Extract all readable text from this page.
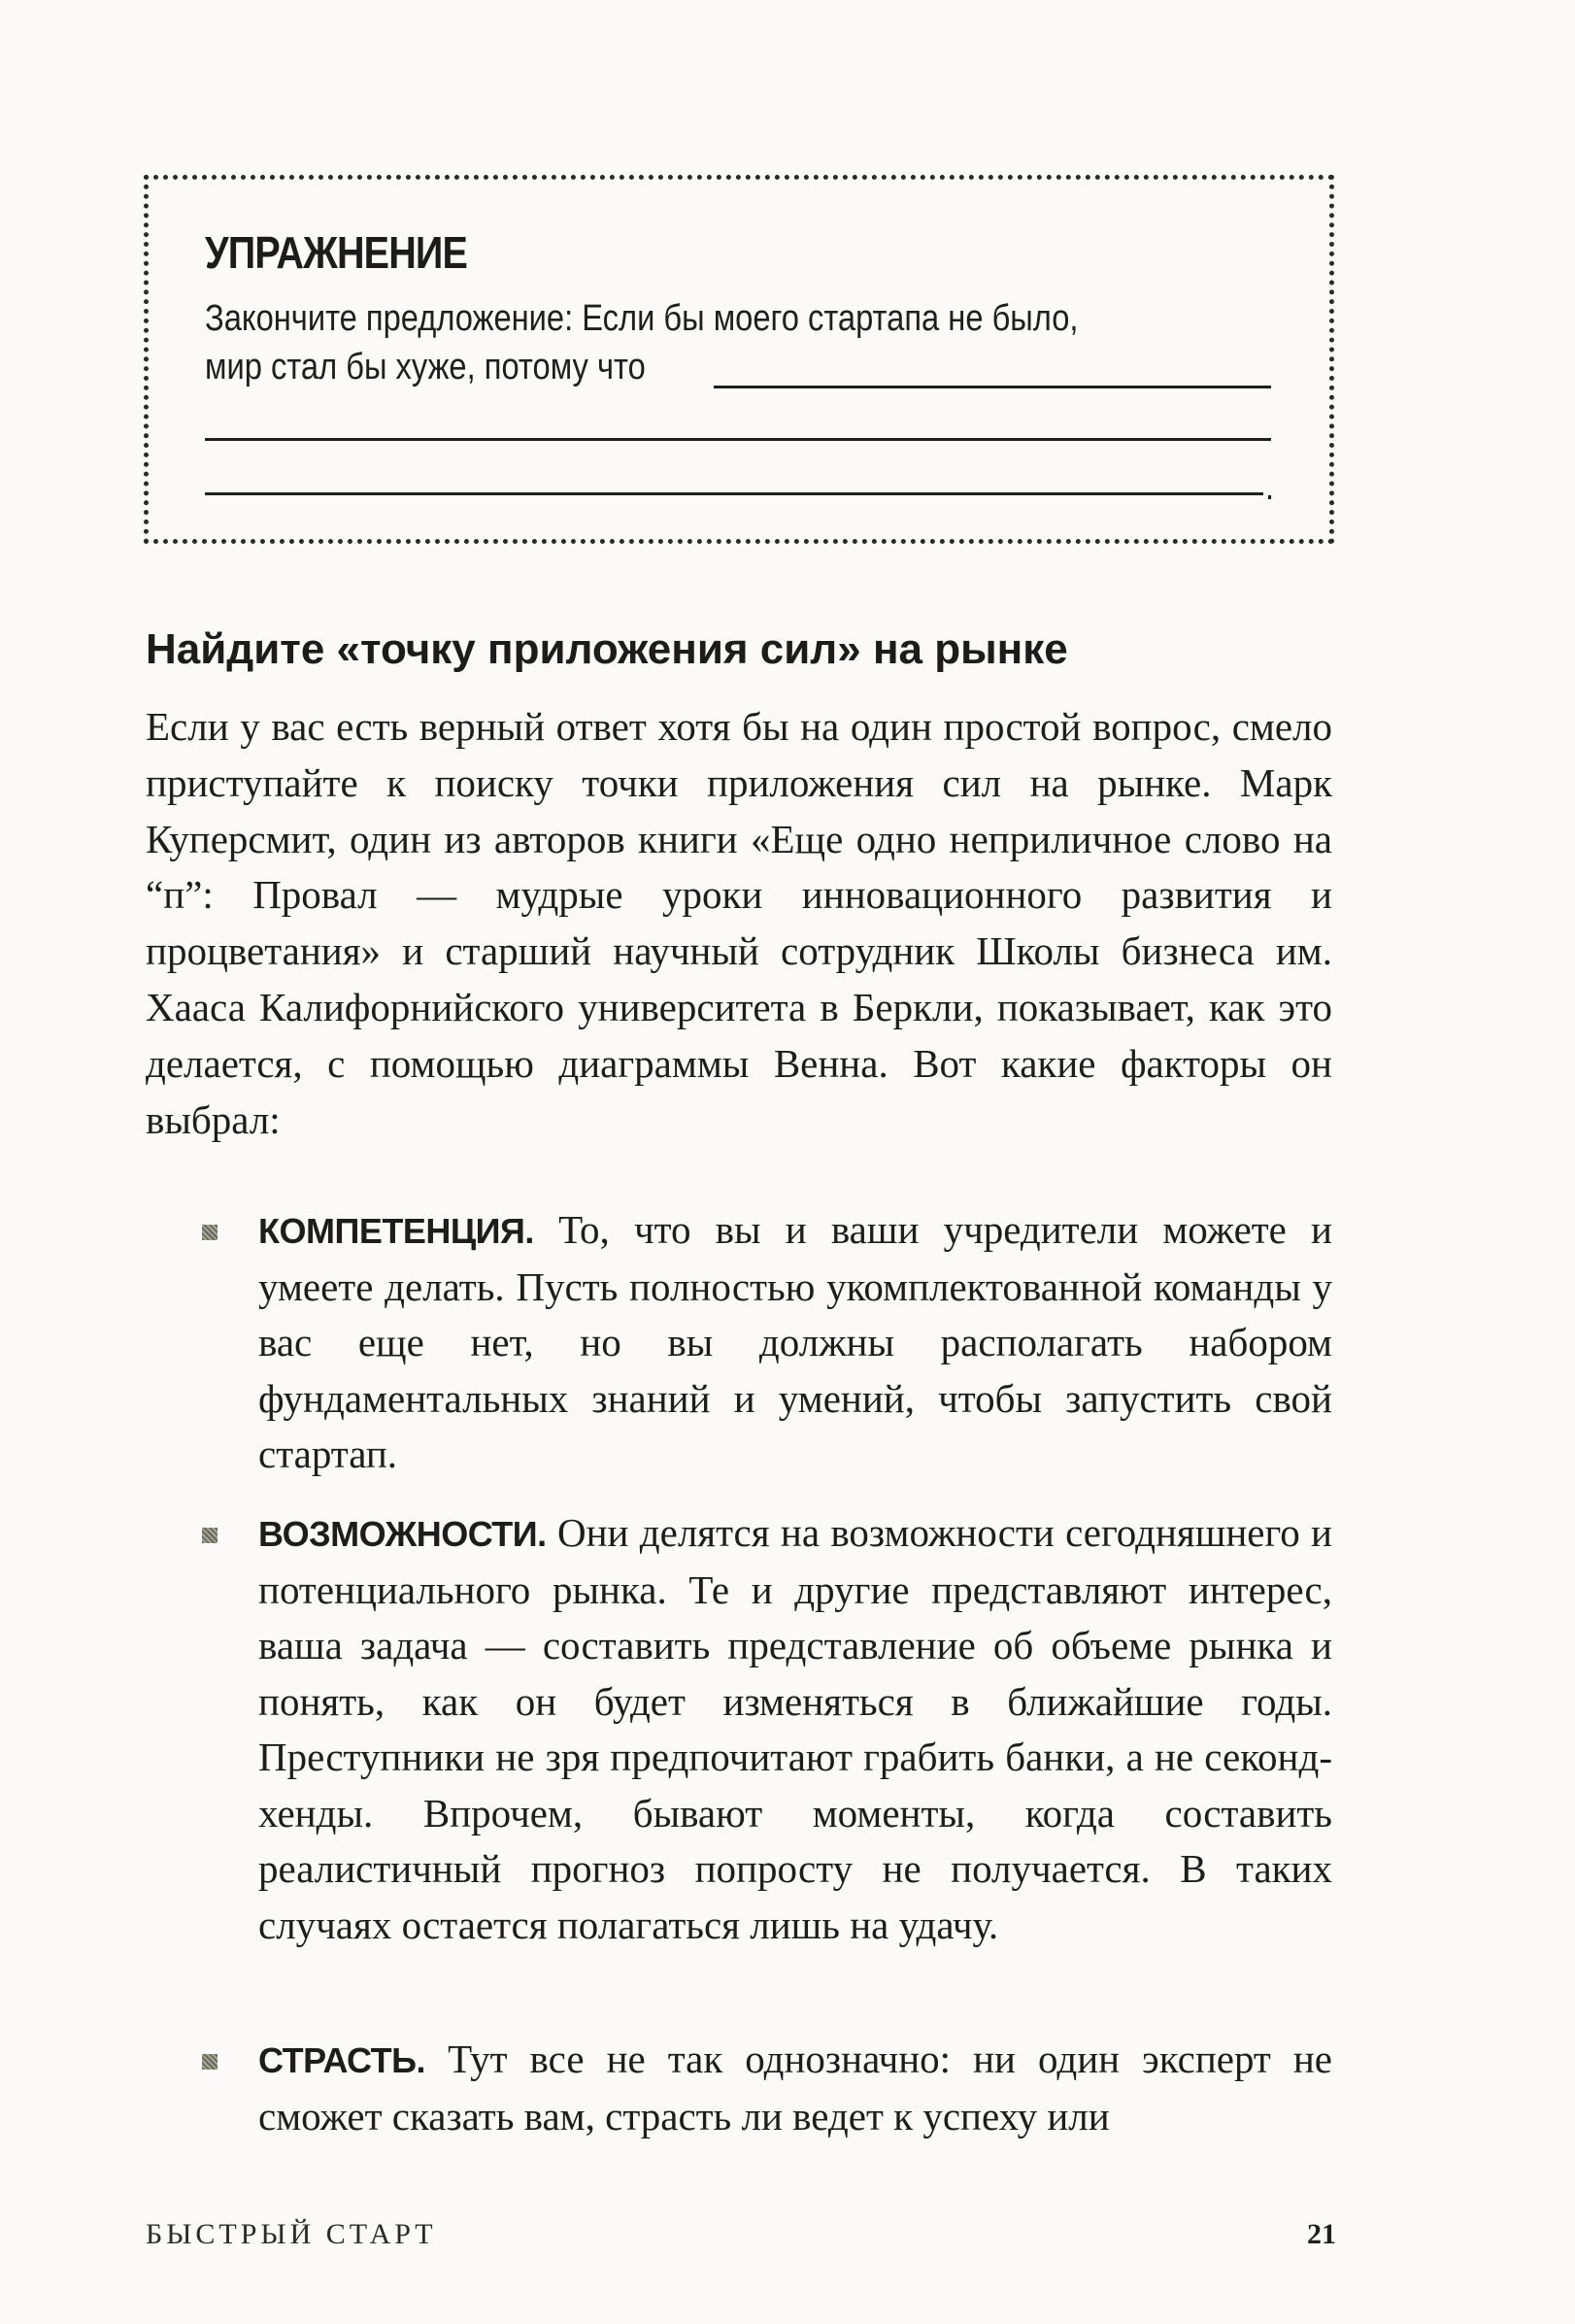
УПРАЖНЕНИЕ
Закончите предложение: Если бы моего стартапа не было,
мир стал бы хуже, потому что
.
Найдите «точку приложения сил» на рынке
Если у вас есть верный ответ хотя бы на один простой вопрос, смело приступайте к поиску точки приложения сил на рынке. Марк Куперсмит, один из авторов книги «Еще одно неприличное слово на “п”: Провал — мудрые уроки инновационного развития и процветания» и старший научный сотрудник Школы бизнеса им. Хааса Калифорнийского университета в Беркли, показывает, как это делается, с помощью диаграммы Венна. Вот какие факторы он выбрал:
КОМПЕТЕНЦИЯ. То, что вы и ваши учредители можете и умеете делать. Пусть полностью укомплектованной команды у вас еще нет, но вы должны располагать набором фундаментальных знаний и умений, чтобы запустить свой стартап.
ВОЗМОЖНОСТИ. Они делятся на возможности сегодняшнего и потенциального рынка. Те и другие представляют интерес, ваша задача — составить представление об объеме рынка и понять, как он будет изменяться в ближайшие годы. Преступники не зря предпочитают грабить банки, а не секонд-хенды. Впрочем, бывают моменты, когда составить реалистичный прогноз попросту не получается. В таких случаях остается полагаться лишь на удачу.
СТРАСТЬ. Тут все не так однозначно: ни один эксперт не сможет сказать вам, страсть ли ведет к успеху или
БЫСТРЫЙ СТАРТ	21
